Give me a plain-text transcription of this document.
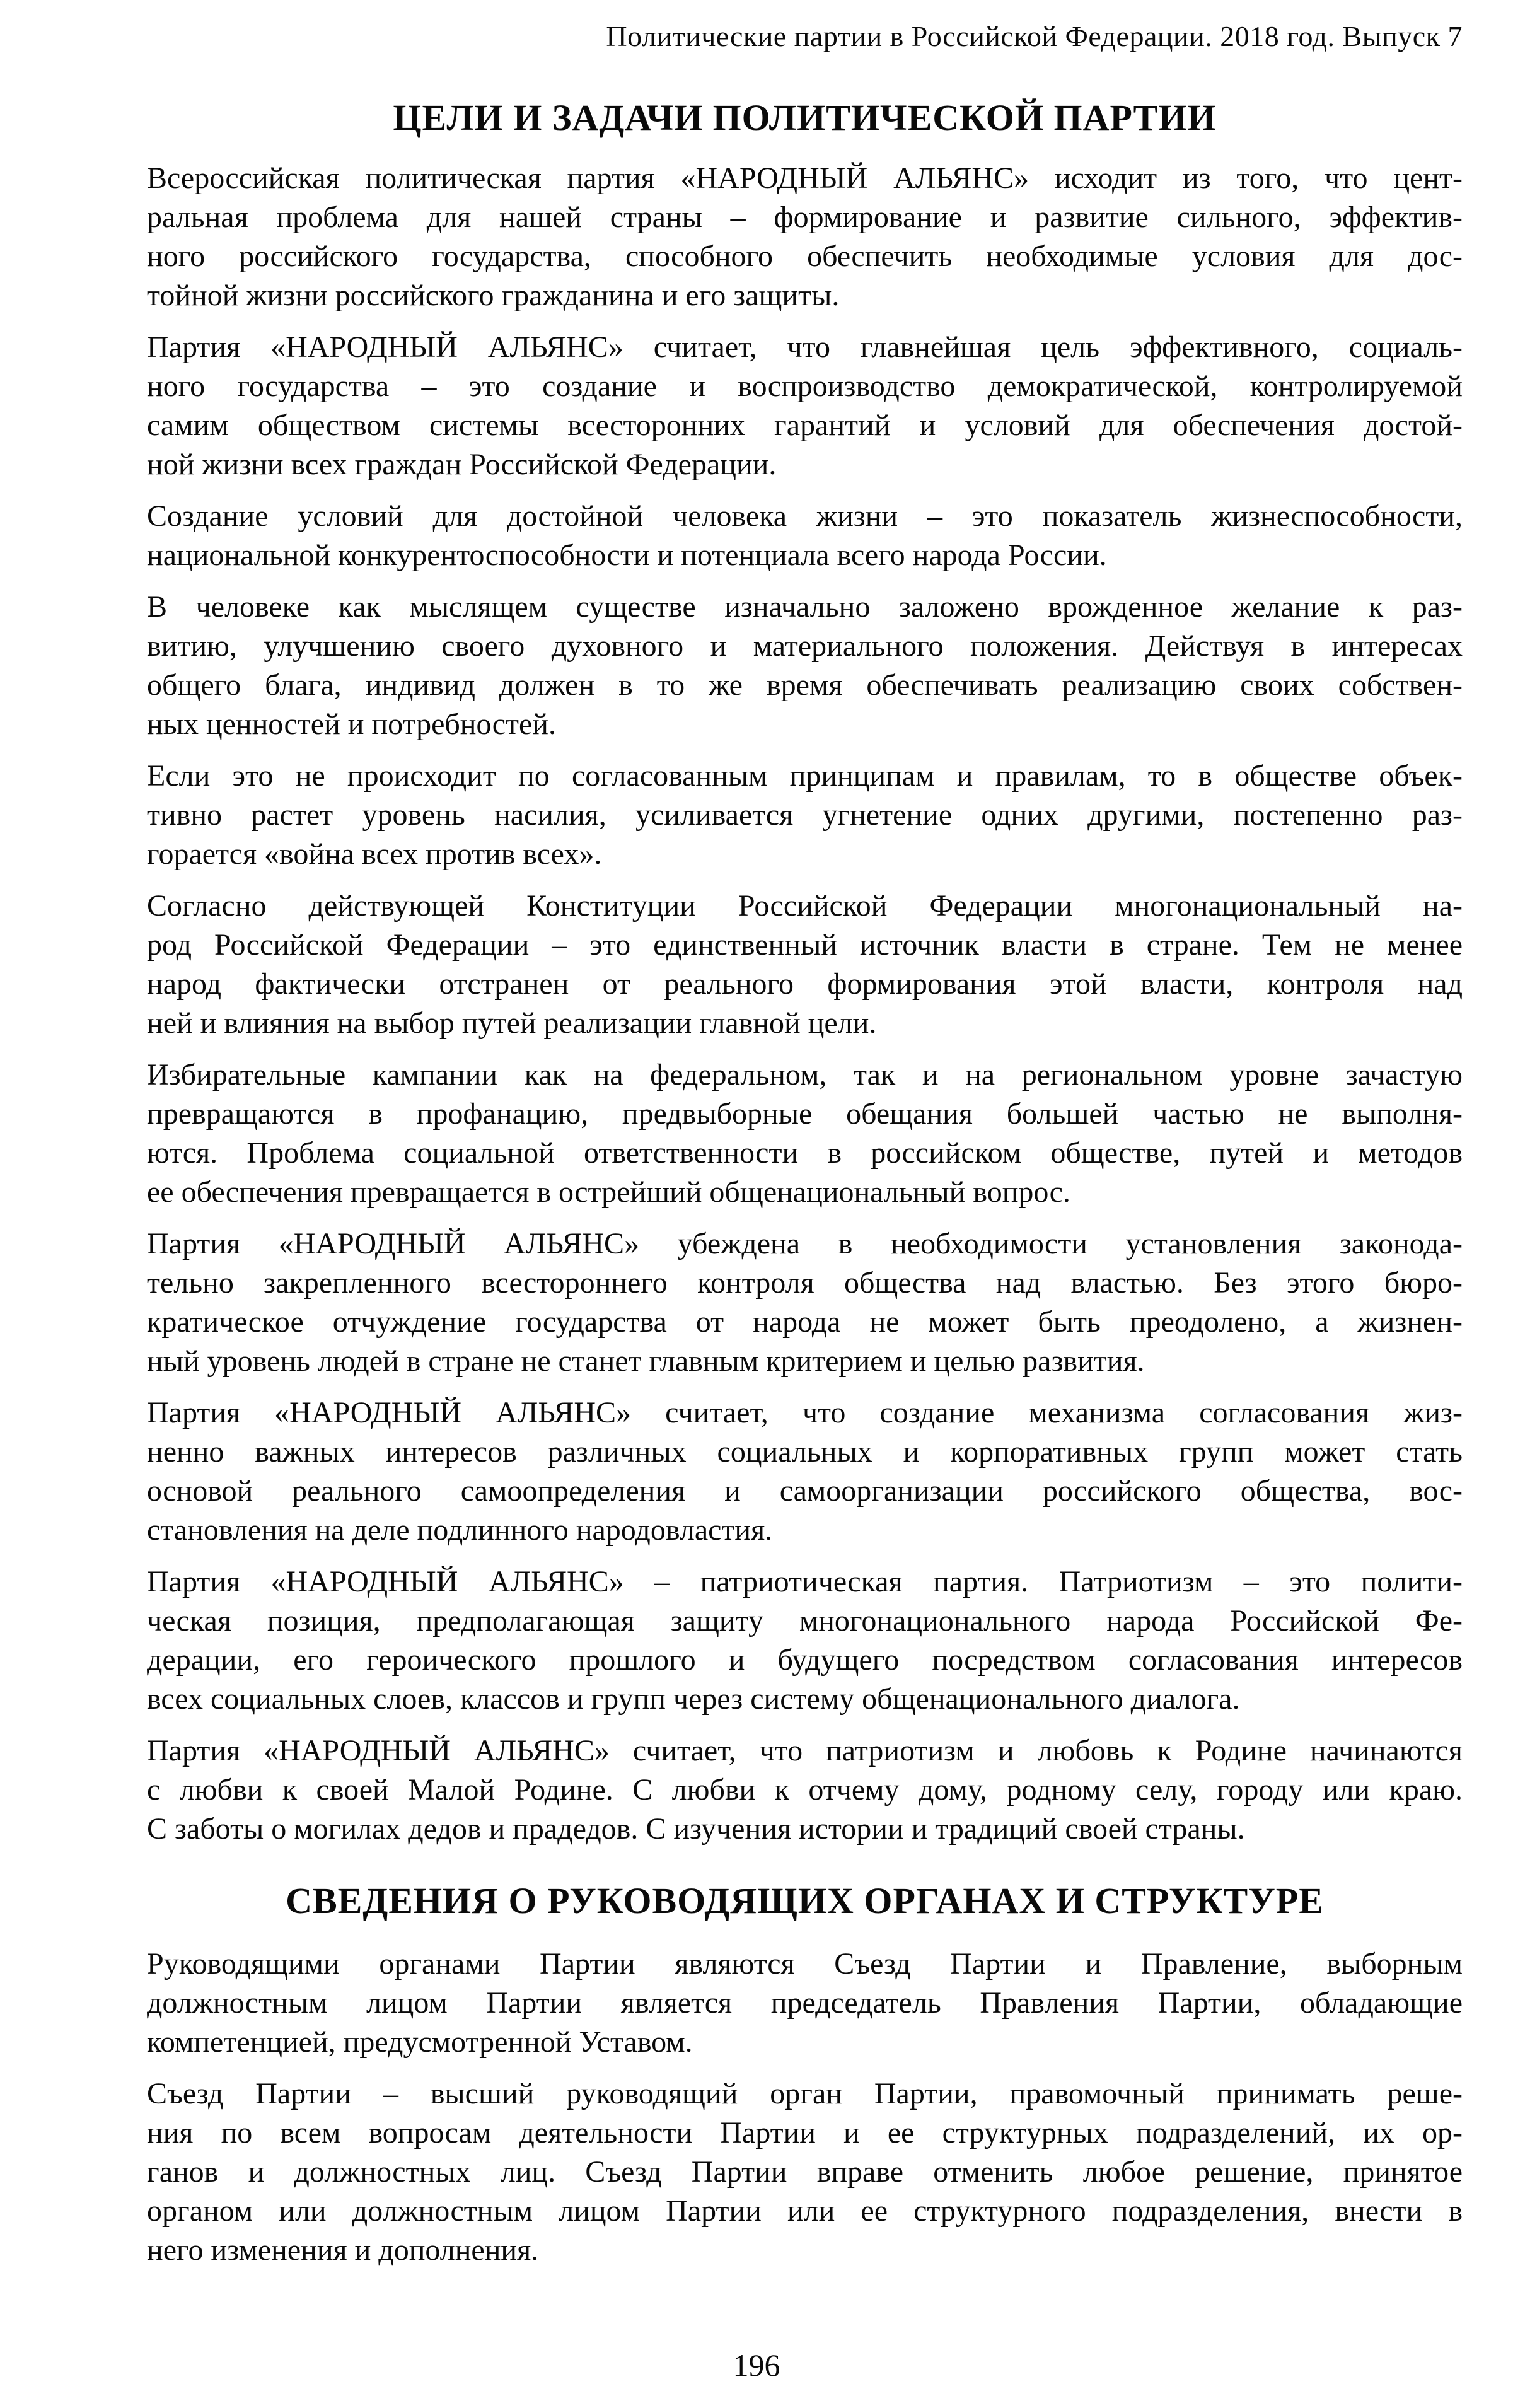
Политические партии в Российской Федерации. 2018 год. Выпуск 7
ЦЕЛИ И ЗАДАЧИ ПОЛИТИЧЕСКОЙ ПАРТИИ
Всероссийская политическая партия «НАРОДНЫЙ АЛЬЯНС» исходит из того, что цент-
ральная проблема для нашей страны – формирование и развитие сильного, эффектив-
ного российского государства, способного обеспечить необходимые условия для дос-
тойной жизни российского гражданина и его защиты.
Партия «НАРОДНЫЙ АЛЬЯНС» считает, что главнейшая цель эффективного, социаль-
ного государства – это создание и воспроизводство демократической, контролируемой
самим обществом системы всесторонних гарантий и условий для обеспечения достой-
ной жизни всех граждан Российской Федерации.
Создание условий для достойной человека жизни – это показатель жизнеспособности,
национальной конкурентоспособности и потенциала всего народа России.
В человеке как мыслящем существе изначально заложено врожденное желание к раз-
витию, улучшению своего духовного и материального положения. Действуя в интересах
общего блага, индивид должен в то же время обеспечивать реализацию своих собствен-
ных ценностей и потребностей.
Если это не происходит по согласованным принципам и правилам, то в обществе объек-
тивно растет уровень насилия, усиливается угнетение одних другими, постепенно раз-
горается «война всех против всех».
Согласно действующей Конституции Российской Федерации многонациональный на-
род Российской Федерации – это единственный источник власти в стране. Тем не менее
народ фактически отстранен от реального формирования этой власти, контроля над
ней и влияния на выбор путей реализации главной цели.
Избирательные кампании как на федеральном, так и на региональном уровне зачастую
превращаются в профанацию, предвыборные обещания большей частью не выполня-
ются. Проблема социальной ответственности в российском обществе, путей и методов
ее обеспечения превращается в острейший общенациональный вопрос.
Партия «НАРОДНЫЙ АЛЬЯНС» убеждена в необходимости установления законода-
тельно закрепленного всестороннего контроля общества над властью. Без этого бюро-
кратическое отчуждение государства от народа не может быть преодолено, а жизнен-
ный уровень людей в стране не станет главным критерием и целью развития.
Партия «НАРОДНЫЙ АЛЬЯНС» считает, что создание механизма согласования жиз-
ненно важных интересов различных социальных и корпоративных групп может стать
основой реального самоопределения и самоорганизации российского общества, вос-
становления на деле подлинного народовластия.
Партия «НАРОДНЫЙ АЛЬЯНС» – патриотическая партия. Патриотизм – это полити-
ческая позиция, предполагающая защиту многонационального народа Российской Фе-
дерации, его героического прошлого и будущего посредством согласования интересов
всех социальных слоев, классов и групп через систему общенационального диалога.
Партия «НАРОДНЫЙ АЛЬЯНС» считает, что патриотизм и любовь к Родине начинаются
с любви к своей Малой Родине. С любви к отчему дому, родному селу, городу или краю.
С заботы о могилах дедов и прадедов. С изучения истории и традиций своей страны.
СВЕДЕНИЯ О РУКОВОДЯЩИХ ОРГАНАХ И СТРУКТУРЕ
Руководящими органами Партии являются Съезд Партии и Правление, выборным
должностным лицом Партии является председатель Правления Партии, обладающие
компетенцией, предусмотренной Уставом.
Съезд Партии – высший руководящий орган Партии, правомочный принимать реше-
ния по всем вопросам деятельности Партии и ее структурных подразделений, их ор-
ганов и должностных лиц. Съезд Партии вправе отменить любое решение, принятое
органом или должностным лицом Партии или ее структурного подразделения, внести в
него изменения и дополнения.
196
